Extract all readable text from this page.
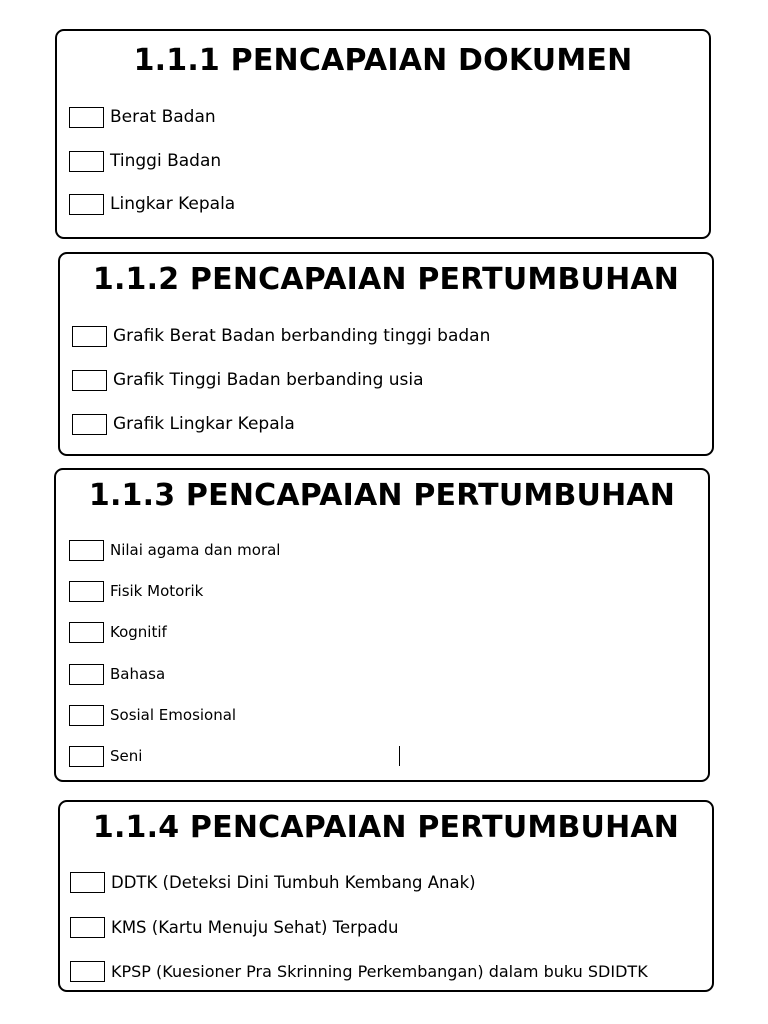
1.1.1 PENCAPAIAN DOKUMEN
Berat Badan
Tinggi Badan
Lingkar Kepala
1.1.2 PENCAPAIAN PERTUMBUHAN
Grafik Berat Badan berbanding tinggi badan
Grafik Tinggi Badan berbanding usia
Grafik Lingkar Kepala
1.1.3 PENCAPAIAN PERTUMBUHAN
Nilai agama dan moral
Fisik Motorik
Kognitif
Bahasa
Sosial Emosional
Seni
1.1.4 PENCAPAIAN PERTUMBUHAN
DDTK (Deteksi Dini Tumbuh Kembang Anak)
KMS (Kartu Menuju Sehat) Terpadu
KPSP (Kuesioner Pra Skrinning Perkembangan) dalam buku SDIDTK
